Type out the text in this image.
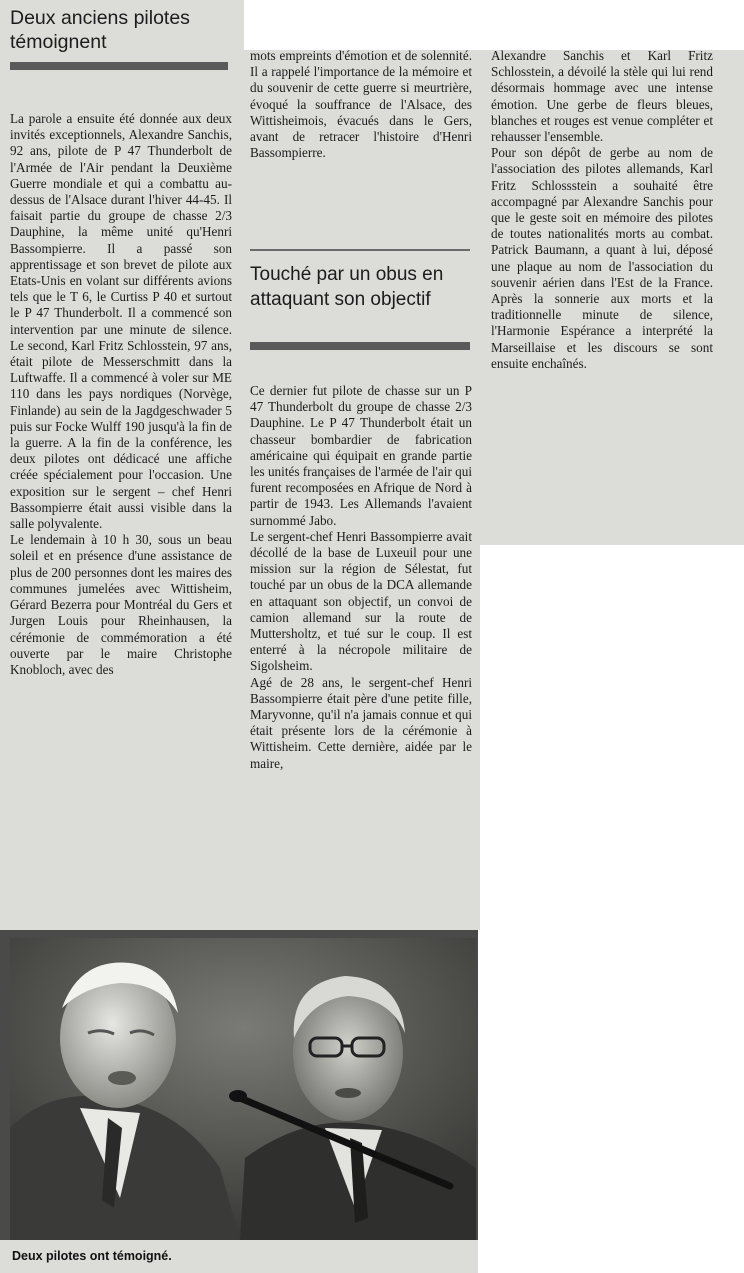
Deux anciens pilotes témoignent

La parole a ensuite été donnée aux deux invités exceptionnels, Alexandre Sanchis, 92 ans, pilote de P 47 Thunderbolt de l'Armée de l'Air pendant la Deuxième Guerre mondiale et qui a combattu au-dessus de l'Alsace durant l'hiver 44-45. Il faisait partie du groupe de chasse 2/3 Dauphine, la même unité qu'Henri Bassompierre. Il a passé son apprentissage et son brevet de pilote aux Etats-Unis en volant sur différents avions tels que le T 6, le Curtiss P 40 et surtout le P 47 Thunderbolt. Il a commencé son intervention par une minute de silence. Le second, Karl Fritz Schlosstein, 97 ans, était pilote de Messerschmitt dans la Luftwaffe. Il a commencé à voler sur ME 110 dans les pays nordiques (Norvège, Finlande) au sein de la Jagdgeschwader 5 puis sur Focke Wulff 190 jusqu'à la fin de la guerre. A la fin de la conférence, les deux pilotes ont dédicacé une affiche créée spécialement pour l'occasion. Une exposition sur le sergent – chef Henri Bassompierre était aussi visible dans la salle polyvalente.

Le lendemain à 10 h 30, sous un beau soleil et en présence d'une assistance de plus de 200 personnes dont les maires des communes jumelées avec Wittisheim, Gérard Bezerra pour Montréal du Gers et Jurgen Louis pour Rheinhausen, la cérémonie de commémoration a été ouverte par le maire Christophe Knobloch, avec des

mots empreints d'émotion et de solennité. Il a rappelé l'importance de la mémoire et du souvenir de cette guerre si meurtrière, évoqué la souffrance de l'Alsace, des Wittisheimois, évacués dans le Gers, avant de retracer l'histoire d'Henri Bassompierre.

Touché par un obus en attaquant son objectif

Ce dernier fut pilote de chasse sur un P 47 Thunderbolt du groupe de chasse 2/3 Dauphine. Le P 47 Thunderbolt était un chasseur bombardier de fabrication américaine qui équipait en grande partie les unités françaises de l'armée de l'air qui furent recomposées en Afrique de Nord à partir de 1943. Les Allemands l'avaient surnommé Jabo.

Le sergent-chef Henri Bassompierre avait décollé de la base de Luxeuil pour une mission sur la région de Sélestat, fut touché par un obus de la DCA allemande en attaquant son objectif, un convoi de camion allemand sur la route de Muttersholtz, et tué sur le coup. Il est enterré à la nécropole militaire de Sigolsheim.

Agé de 28 ans, le sergent-chef Henri Bassompierre était père d'une petite fille, Maryvonne, qu'il n'a jamais connue et qui était présente lors de la cérémonie à Wittisheim. Cette dernière, aidée par le maire,

Alexandre Sanchis et Karl Fritz Schlosstein, a dévoilé la stèle qui lui rend désormais hommage avec une intense émotion. Une gerbe de fleurs bleues, blanches et rouges est venue compléter et rehausser l'ensemble.

Pour son dépôt de gerbe au nom de l'association des pilotes allemands, Karl Fritz Schlossstein a souhaité être accompagné par Alexandre Sanchis pour que le geste soit en mémoire des pilotes de toutes nationalités morts au combat. Patrick Baumann, a quant à lui, déposé une plaque au nom de l'association du souvenir aérien dans l'Est de la France. Après la sonnerie aux morts et la traditionnelle minute de silence, l'Harmonie Espérance a interprété la Marseillaise et les discours se sont ensuite enchaînés.

Deux pilotes ont témoigné.
